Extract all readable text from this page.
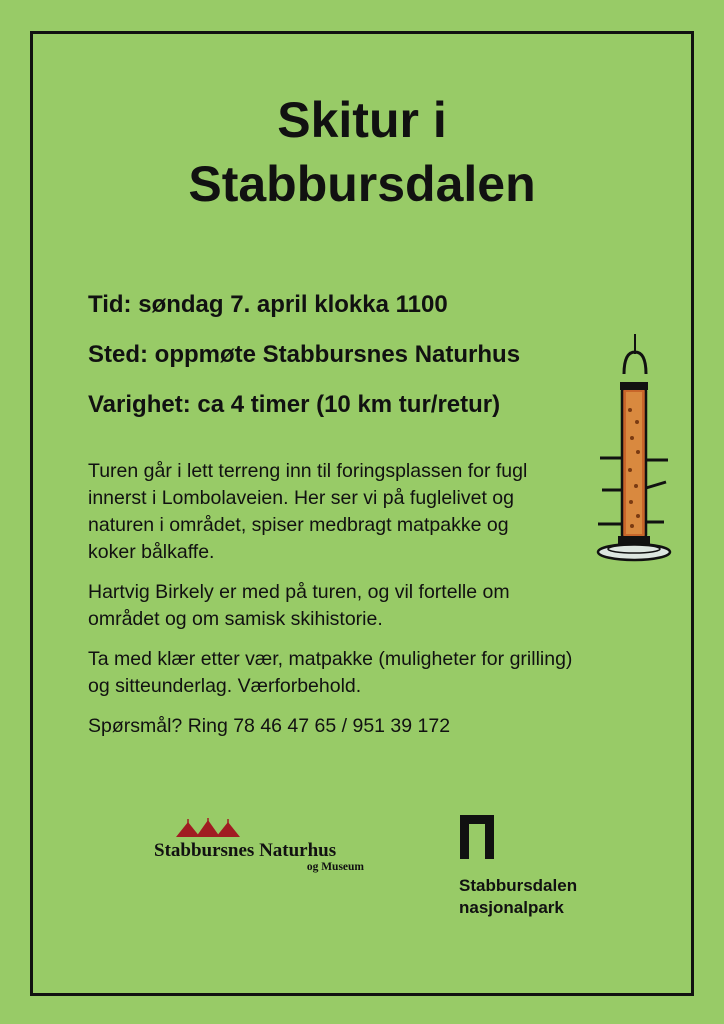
Skitur i
Stabbursdalen

Tid: søndag 7. april klokka 1100

Sted: oppmøte Stabbursnes Naturhus

Varighet: ca 4 timer (10 km tur/retur)

Turen går i lett terreng inn til foringsplassen for fugl
innerst i Lombolaveien. Her ser vi på fuglelivet og
naturen i området, spiser medbragt matpakke og
koker bålkaffe.
Hartvig Birkely er med på turen, og vil fortelle om
området og om samisk skihistorie.
Ta med klær etter vær, matpakke (muligheter for grilling)
og sitteunderlag. Værforbehold.
Spørsmål? Ring 78 46 47 65 / 951 39 172
Stabbursnes Naturhus
og Museum
Stabbursdalen
nasjonalpark
